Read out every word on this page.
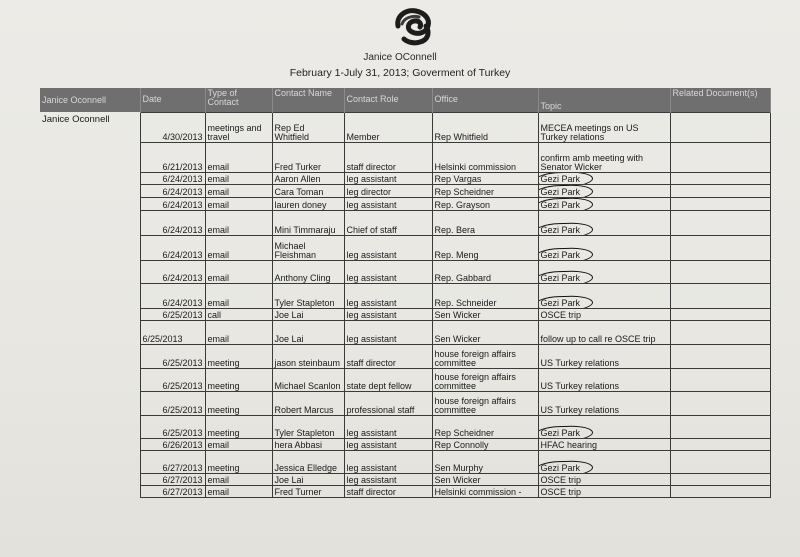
Janice OConnell
February 1-July 31, 2013; Goverment of Turkey
Janice Oconnell	Date	Type of Contact	Contact Name	Contact Role	Office	Topic	Related Document(s)
Janice Oconnell	4/30/2013	meetings and travel	Rep Ed Whitfield	Member	Rep Whitfield	MECEA meetings on US Turkey relations	
	6/21/2013	email	Fred Turker	staff director	Helsinki commission	confirm amb meeting with Senator Wicker	
	6/24/2013	email	Aaron Allen	leg assistant	Rep Vargas	Gezi Park	
	6/24/2013	email	Cara Toman	leg director	Rep Scheidner	Gezi Park	
	6/24/2013	email	lauren doney	leg assistant	Rep. Grayson	Gezi Park	
	6/24/2013	email	Mini Timmaraju	Chief of staff	Rep. Bera	Gezi Park	
	6/24/2013	email	Michael Fleishman	leg assistant	Rep. Meng	Gezi Park	
	6/24/2013	email	Anthony Cling	leg assistant	Rep. Gabbard	Gezi Park	
	6/24/2013	email	Tyler Stapleton	leg assistant	Rep. Schneider	Gezi Park	
	6/25/2013	call	Joe Lai	leg assistant	Sen Wicker	OSCE trip	
	6/25/2013	email	Joe Lai	leg assistant	Sen Wicker	follow up to call re OSCE trip	
	6/25/2013	meeting	jason steinbaum	staff director	house foreign affairs committee	US Turkey relations	
	6/25/2013	meeting	Michael Scanlon	state dept fellow	house foreign affairs committee	US Turkey relations	
	6/25/2013	meeting	Robert Marcus	professional staff	house foreign affairs committee	US Turkey relations	
	6/25/2013	meeting	Tyler Stapleton	leg assistant	Rep Scheidner	Gezi Park	
	6/26/2013	email	hera Abbasi	leg assistant	Rep Connolly	HFAC hearing	
	6/27/2013	meeting	Jessica Elledge	leg assistant	Sen Murphy	Gezi Park	
	6/27/2013	email	Joe Lai	leg assistant	Sen Wicker	OSCE trip	
	6/27/2013	email	Fred Turner	staff director	Helsinki commission -	OSCE trip	
